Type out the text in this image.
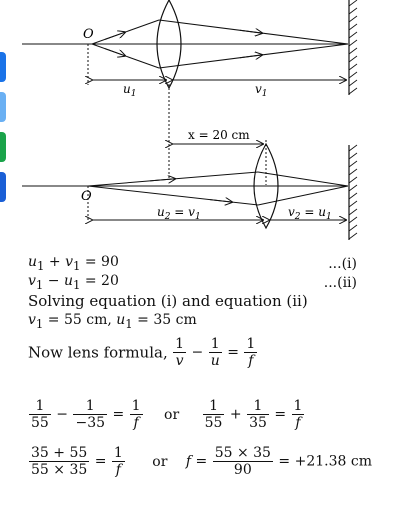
O
$u_1$	$v_1$
x = 20 cm
O
$u_2 = v_1$	$v_2 = u_1$
$u_1 + v_1 = 90$	...(i)
$v_1 - u_1 = 20$	...(ii)
Solving equation (i) and equation (ii)
$v_1 = 55$ cm, $u_1 = 35$ cm
Now lens formula, $\frac{1}{v} - \frac{1}{u} = \frac{1}{f}$
$\frac{1}{55} - \frac{1}{-35} = \frac{1}{f}$ or $\frac{1}{55} + \frac{1}{35} = \frac{1}{f}$
$\frac{35 + 55}{55 \times 35} = \frac{1}{f}$ or $f = \frac{55 \times 35}{90} = +21.38$ cm
